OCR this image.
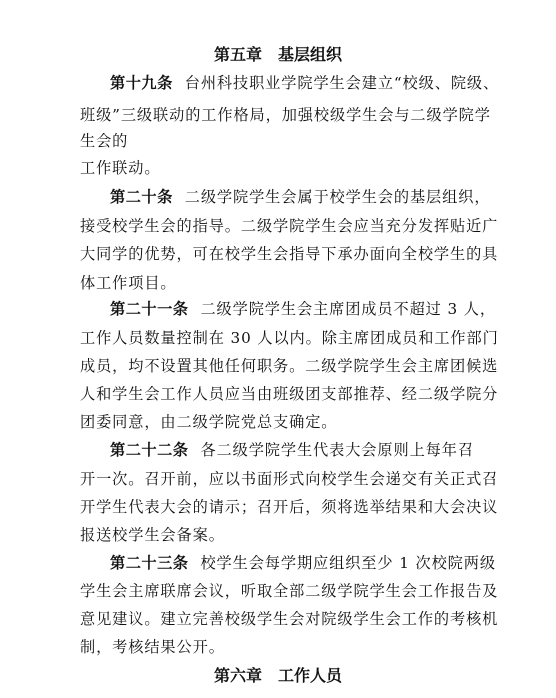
第五章　基层组织
第十九条 台州科技职业学院学生会建立“校级、院级、
班级”三级联动的工作格局，加强校级学生会与二级学院学
生会的
工作联动。
第二十条 二级学院学生会属于校学生会的基层组织，
接受校学生会的指导。二级学院学生会应当充分发挥贴近广
大同学的优势，可在校学生会指导下承办面向全校学生的具
体工作项目。
第二十一条 二级学院学生会主席团成员不超过 3 人，
工作人员数量控制在 30 人以内。除主席团成员和工作部门
成员，均不设置其他任何职务。二级学院学生会主席团候选
人和学生会工作人员应当由班级团支部推荐、经二级学院分
团委同意，由二级学院党总支确定。
第二十二条 各二级学院学生代表大会原则上每年召
开一次。召开前，应以书面形式向校学生会递交有关正式召
开学生代表大会的请示；召开后，须将选举结果和大会决议
报送校学生会备案。
第二十三条 校学生会每学期应组织至少 1 次校院两级
学生会主席联席会议，听取全部二级学院学生会工作报告及
意见建议。建立完善校级学生会对院级学生会工作的考核机
制，考核结果公开。
第六章　工作人员
